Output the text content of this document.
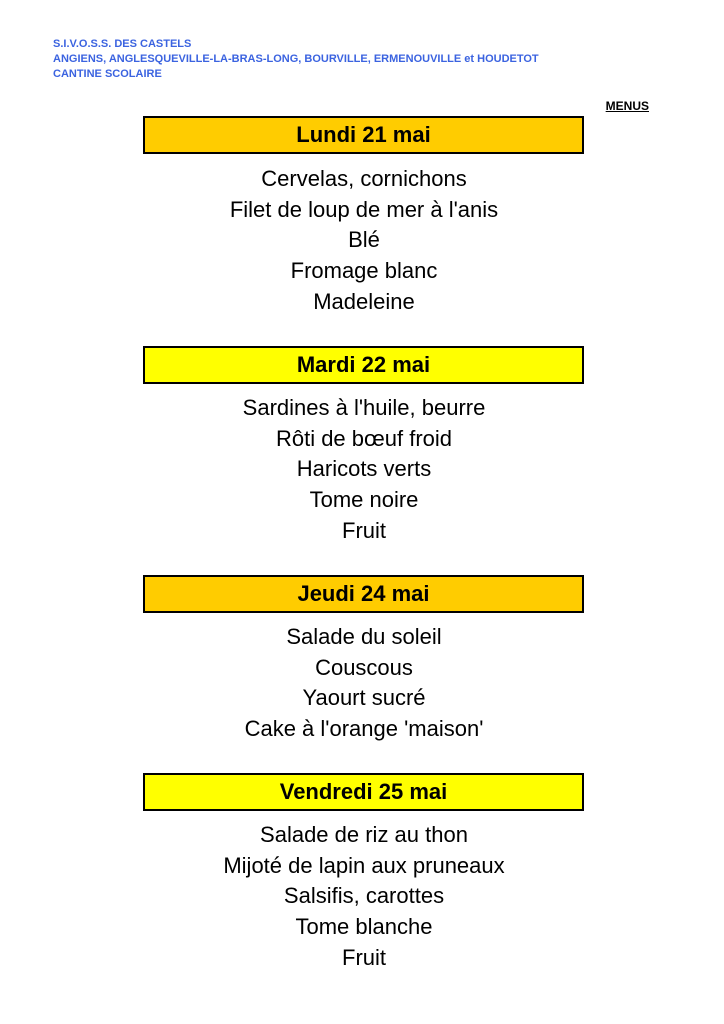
S.I.V.O.S.S. DES CASTELS
ANGIENS, ANGLESQUEVILLE-LA-BRAS-LONG, BOURVILLE, ERMENOUVILLE et HOUDETOT
CANTINE SCOLAIRE
MENUS
Lundi 21 mai
Cervelas, cornichons
Filet de loup de mer à l'anis
Blé
Fromage blanc
Madeleine
Mardi 22 mai
Sardines à l'huile, beurre
Rôti de bœuf froid
Haricots verts
Tome noire
Fruit
Jeudi 24 mai
Salade du soleil
Couscous
Yaourt sucré
Cake à l'orange 'maison'
Vendredi 25 mai
Salade de riz au thon
Mijoté de lapin aux pruneaux
Salsifis, carottes
Tome blanche
Fruit
